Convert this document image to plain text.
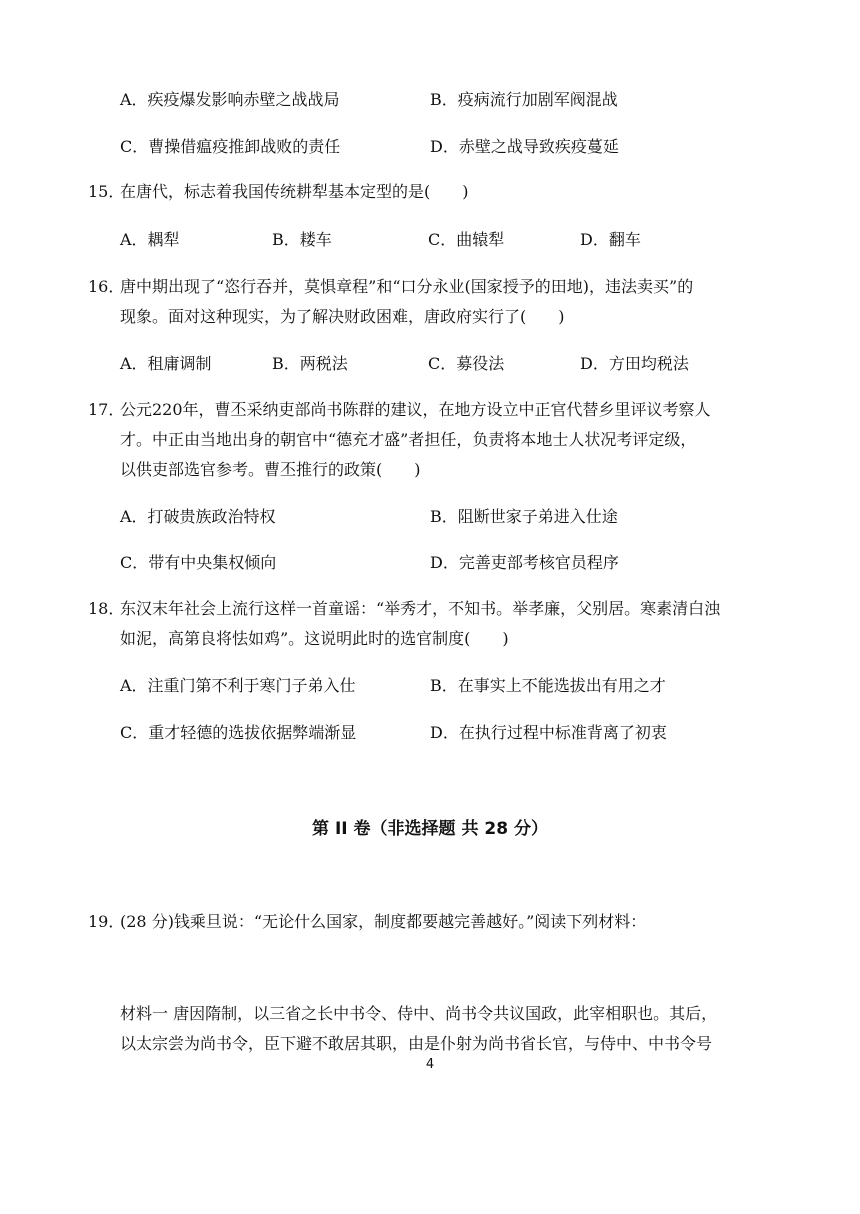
A．疾疫爆发影响赤壁之战战局	B．疫病流行加剧军阀混战
C．曹操借瘟疫推卸战败的责任	D．赤壁之战导致疾疫蔓延
15．
在唐代，标志着我国传统耕犁基本定型的是(　　)
A．耦犁	B．耧车	C．曲辕犁	D．翻车
16．
唐中期出现了“恣行吞并，莫惧章程”和“口分永业(国家授予的田地)，违法卖买”的
现象。面对这种现实，为了解决财政困难，唐政府实行了(　　)
A．租庸调制	B．两税法	C．募役法	D．方田均税法
17．
公元220年，曹丕采纳吏部尚书陈群的建议，在地方设立中正官代替乡里评议考察人
才。中正由当地出身的朝官中“德充才盛”者担任，负责将本地士人状况考评定级，
以供吏部选官参考。曹丕推行的政策(　　)
A．打破贵族政治特权	B．阻断世家子弟进入仕途
C．带有中央集权倾向	D．完善吏部考核官员程序
18．
东汉末年社会上流行这样一首童谣：“举秀才，不知书。举孝廉，父别居。寒素清白浊
如泥，高第良将怯如鸡”。这说明此时的选官制度(　　)
A．注重门第不利于寒门子弟入仕	B．在事实上不能选拔出有用之才
C．重才轻德的选拔依据弊端渐显	D．在执行过程中标准背离了初衷
第 II 卷（非选择题 共 28 分）
19．
(28 分)钱乘旦说：“无论什么国家，制度都要越完善越好。”阅读下列材料：
材料一 唐因隋制，以三省之长中书令、侍中、尚书令共议国政，此宰相职也。其后，
以太宗尝为尚书令，臣下避不敢居其职，由是仆射为尚书省长官，与侍中、中书令号
4
